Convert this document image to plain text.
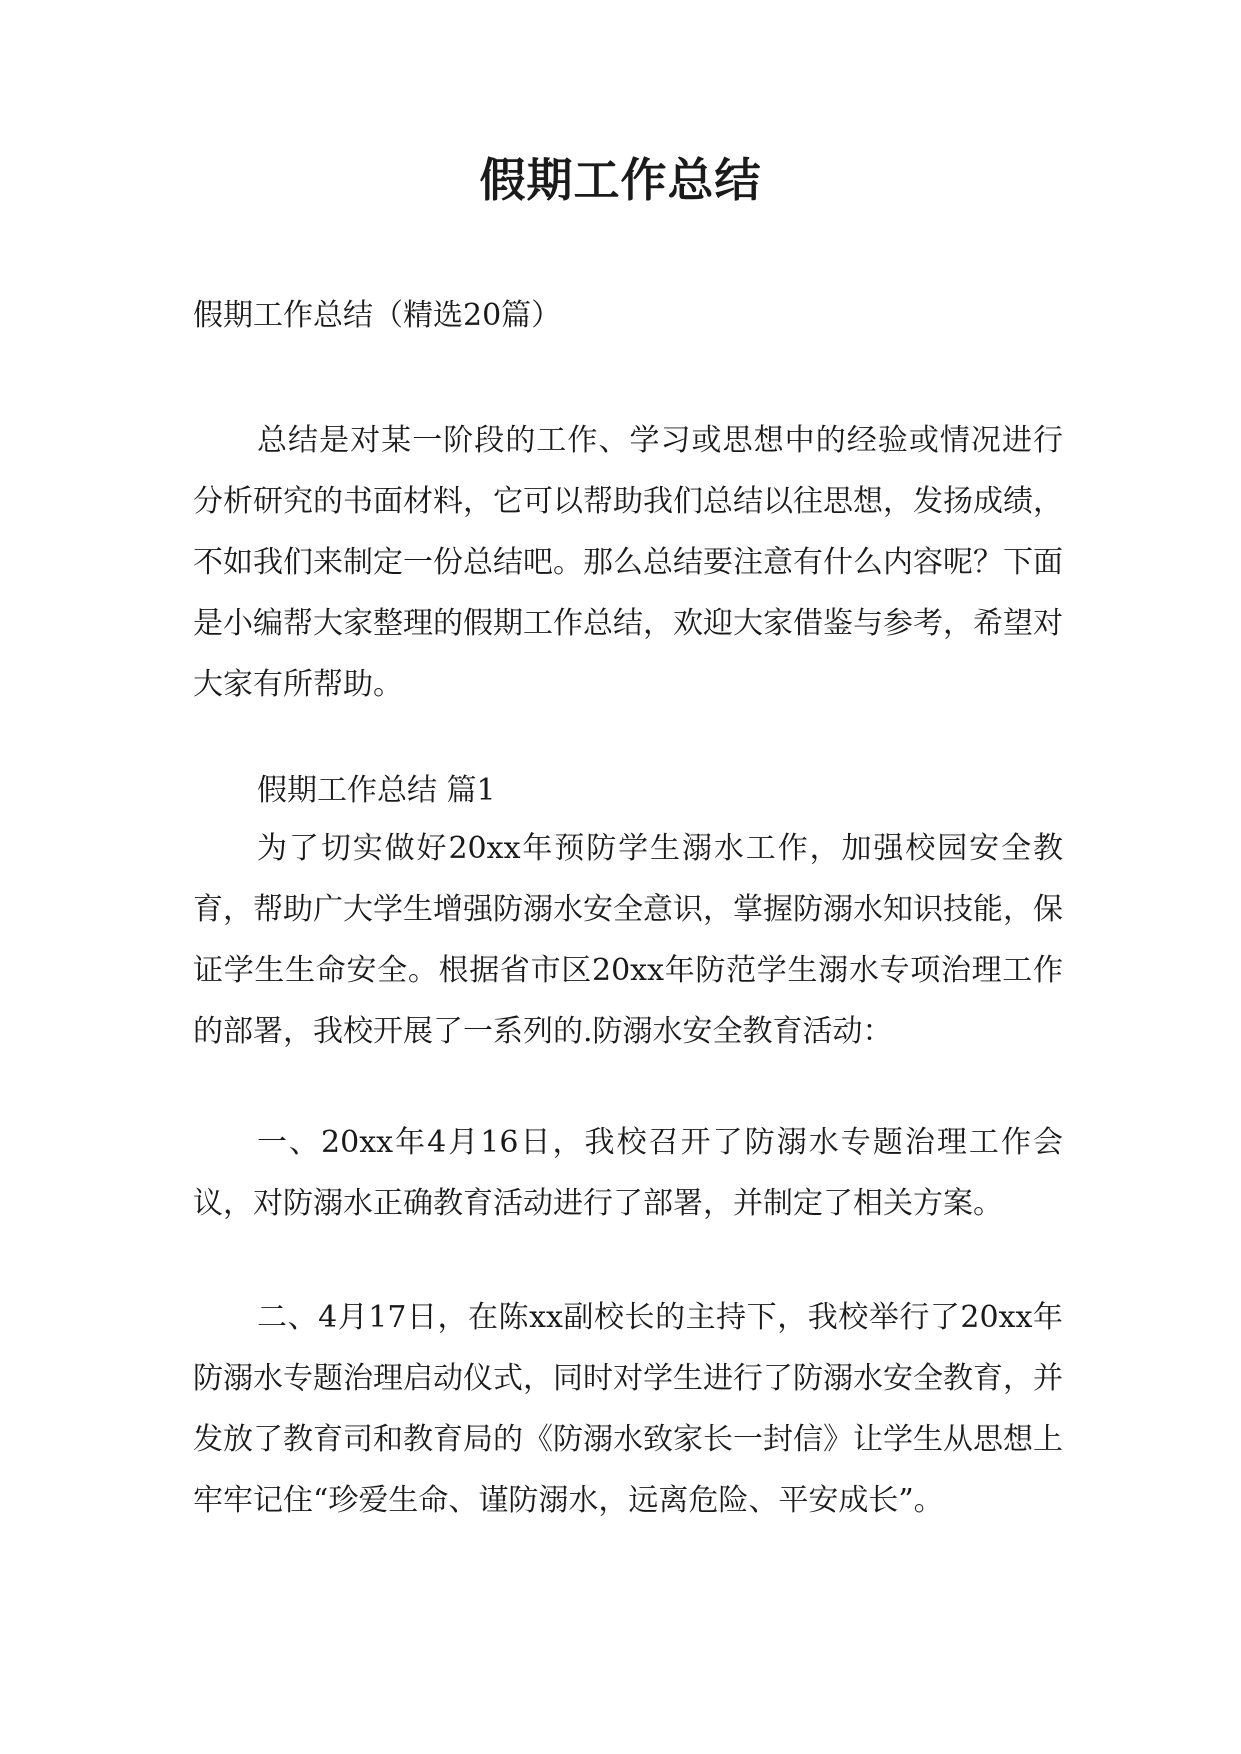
假期工作总结
假期工作总结（精选20篇）

总结是对某一阶段的工作、学习或思想中的经验或情况进行分析研究的书面材料，它可以帮助我们总结以往思想，发扬成绩，不如我们来制定一份总结吧。那么总结要注意有什么内容呢？下面是小编帮大家整理的假期工作总结，欢迎大家借鉴与参考，希望对大家有所帮助。

假期工作总结 篇1

为了切实做好20xx年预防学生溺水工作，加强校园安全教育，帮助广大学生增强防溺水安全意识，掌握防溺水知识技能，保证学生生命安全。根据省市区20xx年防范学生溺水专项治理工作的部署，我校开展了一系列的.防溺水安全教育活动：

一、20xx年4月16日，我校召开了防溺水专题治理工作会议，对防溺水正确教育活动进行了部署，并制定了相关方案。

二、4月17日，在陈xx副校长的主持下，我校举行了20xx年防溺水专题治理启动仪式，同时对学生进行了防溺水安全教育，并发放了教育司和教育局的《防溺水致家长一封信》让学生从思想上牢牢记住“珍爱生命、谨防溺水，远离危险、平安成长”。
